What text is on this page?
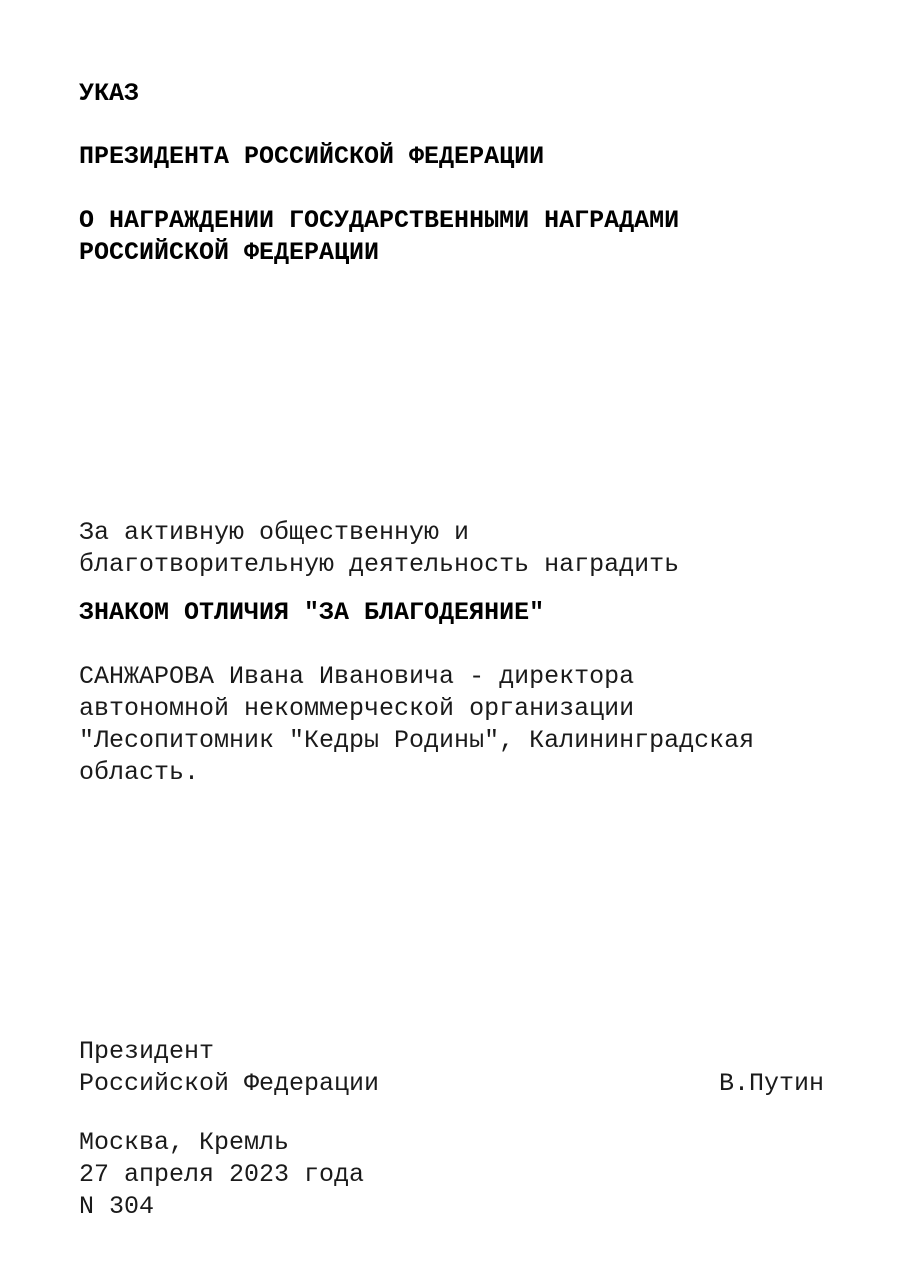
УКАЗ
ПРЕЗИДЕНТА РОССИЙСКОЙ ФЕДЕРАЦИИ
О НАГРАЖДЕНИИ ГОСУДАРСТВЕННЫМИ НАГРАДАМИ
РОССИЙСКОЙ ФЕДЕРАЦИИ
За активную общественную и
благотворительную деятельность наградить
ЗНАКОМ ОТЛИЧИЯ "ЗА БЛАГОДЕЯНИЕ"
САНЖАРОВА Ивана Ивановича - директора
автономной некоммерческой организации
"Лесопитомник "Кедры Родины", Калининградская
область.
Президент
Российской Федерации	В.Путин
Москва, Кремль
27 апреля 2023 года
N 304
